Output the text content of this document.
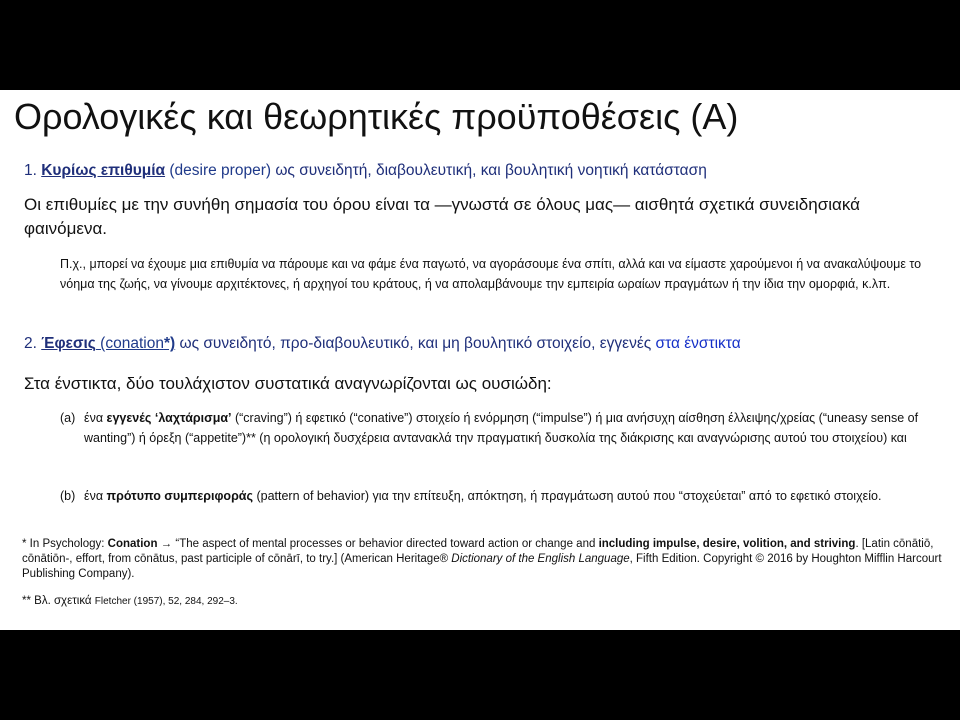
Ορολογικές και θεωρητικές προϋποθέσεις (Α)
1. Κυρίως επιθυμία (desire proper) ως συνειδητή, διαβουλευτική, και βουλητική νοητική κατάσταση
Οι επιθυμίες με την συνήθη σημασία του όρου είναι τα —γνωστά σε όλους μας— αισθητά σχετικά συνειδησιακά φαινόμενα.
Π.χ., μπορεί να έχουμε μια επιθυμία να πάρουμε και να φάμε ένα παγωτό, να αγοράσουμε ένα σπίτι, αλλά και να είμαστε χαρούμενοι ή να ανακαλύψουμε το νόημα της ζωής, να γίνουμε αρχιτέκτονες, ή αρχηγοί του κράτους, ή να απολαμβάνουμε την εμπειρία ωραίων πραγμάτων ή την ίδια την ομορφιά, κ.λπ.
2. Έφεσις (conation*) ως συνειδητό, προ-διαβουλευτικό, και μη βουλητικό στοιχείο, εγγενές στα ένστικτα
Στα ένστικτα, δύο τουλάχιστον συστατικά αναγνωρίζονται ως ουσιώδη:
(a) ένα εγγενές ‘λαχτάρισμα’ (“craving”) ή εφετικό (“conative”) στοιχείο ή ενόρμηση (“impulse”) ή μια ανήσυχη αίσθηση έλλειψης/χρείας (“uneasy sense of wanting”) ή όρεξη (“appetite”)** (η ορολογική δυσχέρεια αντανακλά την πραγματική δυσκολία της διάκρισης και αναγνώρισης αυτού του στοιχείου) και
(b) ένα πρότυπο συμπεριφοράς (pattern of behavior) για την επίτευξη, απόκτηση, ή πραγμάτωση αυτού που “στοχεύεται” από το εφετικό στοιχείο.
* In Psychology: Conation → “The aspect of mental processes or behavior directed toward action or change and including impulse, desire, volition, and striving. [Latin cōnātiō, cōnātiōn-, effort, from cōnātus, past participle of cōnārī, to try.] (American Heritage® Dictionary of the English Language, Fifth Edition. Copyright © 2016 by Houghton Mifflin Harcourt Publishing Company).
** Βλ. σχετικά Fletcher (1957), 52, 284, 292–3.
